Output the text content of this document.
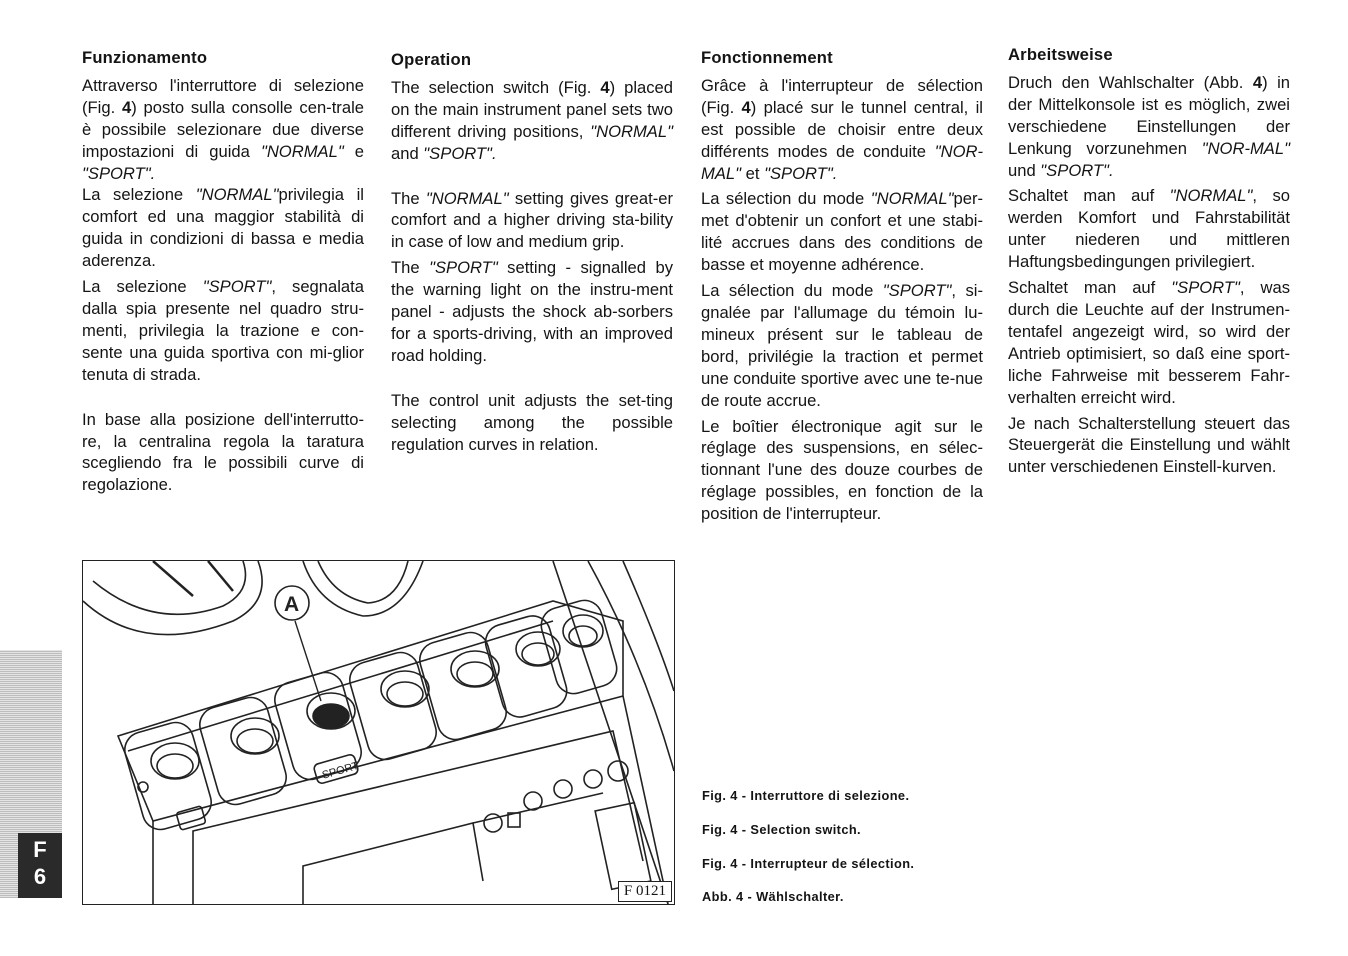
Funzionamento

Attraverso l'interruttore di selezione (Fig. 4) posto sulla consolle cen-trale è possibile selezionare due diverse impostazioni di guida "NORMAL" e "SPORT".

La selezione "NORMAL"privilegia il comfort ed una maggior stabilità di guida in condizioni di bassa e media aderenza.

La selezione "SPORT", segnalata dalla spia presente nel quadro stru-menti, privilegia la trazione e con-sente una guida sportiva con mi-glior tenuta di strada.

In base alla posizione dell'interrutto-re, la centralina regola la taratura scegliendo fra le possibili curve di regolazione.

Operation

The selection switch (Fig. 4) placed on the main instrument panel sets two different driving positions, "NORMAL" and "SPORT".

The "NORMAL" setting gives great-er comfort and a higher driving sta-bility in case of low and medium grip.

The "SPORT" setting - signalled by the warning light on the instru-ment panel - adjusts the shock ab-sorbers for a sports-driving, with an improved road holding.

The control unit adjusts the set-ting selecting among the possible regulation curves in relation.

Fonctionnement

Grâce à l'interrupteur de sélection (Fig. 4) placé sur le tunnel central, il est possible de choisir entre deux différents modes de conduite "NOR-MAL" et "SPORT".

La sélection du mode "NORMAL"per-met d'obtenir un confort et une stabi-lité accrues dans des conditions de basse et moyenne adhérence.

La sélection du mode "SPORT", si-gnalée par l'allumage du témoin lu-mineux présent sur le tableau de bord, privilégie la traction et permet une conduite sportive avec une te-nue de route accrue.

Le boîtier électronique agit sur le réglage des suspensions, en sélec-tionnant l'une des douze courbes de réglage possibles, en fonction de la position de l'interrupteur.

Arbeitsweise

Druch den Wahlschalter (Abb. 4) in der Mittelkonsole ist es möglich, zwei verschiedene Einstellungen der Lenkung vorzunehmen "NOR-MAL" und "SPORT".

Schaltet man auf "NORMAL", so werden Komfort und Fahrstabilität unter niederen und mittleren Haftungsbedingungen privilegiert.

Schaltet man auf "SPORT", was durch die Leuchte auf der Instrumen-tentafel angezeigt wird, so wird der Antrieb optimisiert, so daß eine sport-liche Fahrweise mit besserem Fahr-verhalten erreicht wird.

Je nach Schalterstellung steuert das Steuergerät die Einstellung und wählt unter verschiedenen Einstell-kurven.

SPORT
A
F 0121
Fig. 4 - Interruttore di selezione.
Fig. 4 - Selection switch.
Fig. 4 - Interrupteur de sélection.
Abb. 4 - Wählschalter.
F
6
